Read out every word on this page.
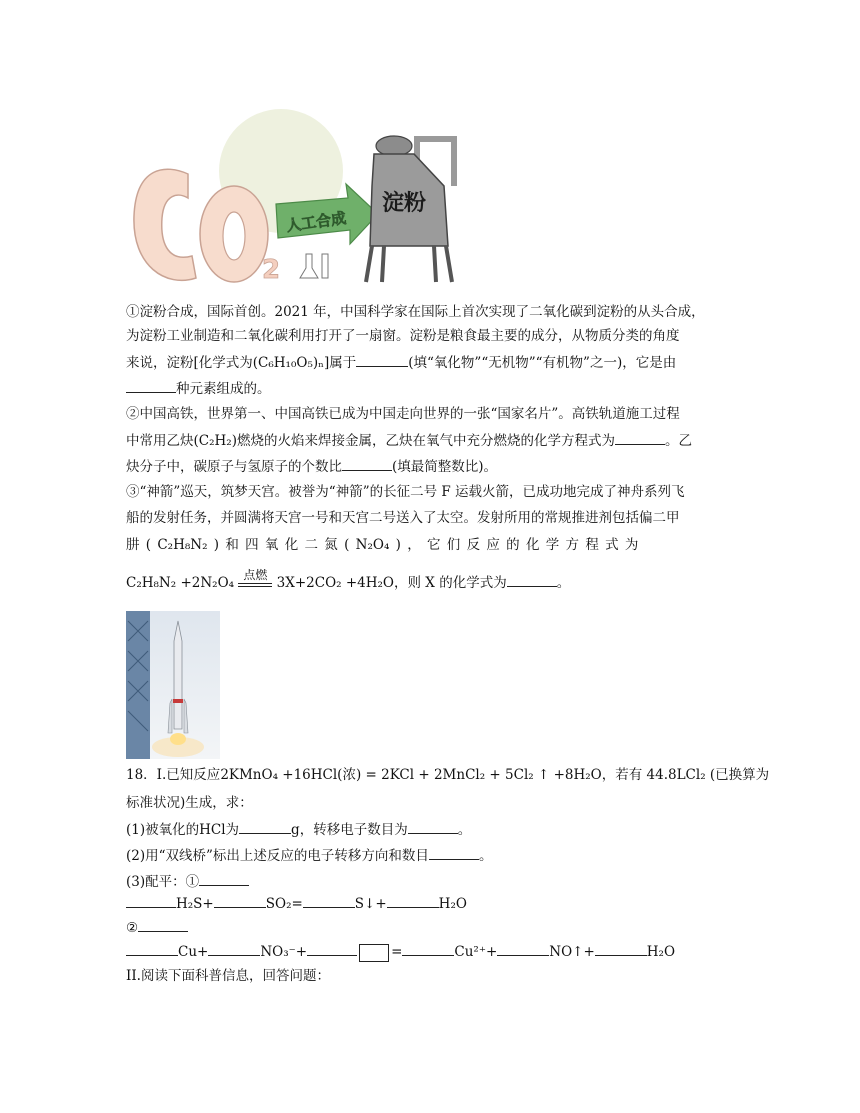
2
人工合成
淀粉
①淀粉合成，国际首创。2021 年，中国科学家在国际上首次实现了二氧化碳到淀粉的从头合成，
为淀粉工业制造和二氧化碳利用打开了一扇窗。淀粉是粮食最主要的成分，从物质分类的角度
来说，淀粉[化学式为(C₆H₁₀O₅)ₙ]属于	(填“氧化物”“无机物”“有机物”之一)，它是由
种元素组成的。
②中国高铁，世界第一、中国高铁已成为中国走向世界的一张“国家名片”。高铁轨道施工过程
中常用乙炔(C₂H₂)燃烧的火焰来焊接金属，乙炔在氧气中充分燃烧的化学方程式为	。乙
炔分子中，碳原子与氢原子的个数比	(填最简整数比)。
③“神箭”巡天，筑梦天宫。被誉为“神箭”的长征二号 F 运载火箭，已成功地完成了神舟系列飞
船的发射任务，并圆满将天宫一号和天宫二号送入了太空。发射所用的常规推进剂包括偏二甲
肼 ( C₂H₈N₂ ) 和 四 氧 化 二 氮 ( N₂O₄ ) ， 它 们 反 应 的 化 学 方 程 式 为
C₂H₈N₂ +2N₂O₄ 点燃 3X+2CO₂ +4H₂O，则 X 的化学式为	。
18．I.已知反应2KMnO₄ +16HCl(浓) = 2KCl + 2MnCl₂ + 5Cl₂ ↑ +8H₂O，若有 44.8LCl₂ (已换算为
标准状况)生成，求：
(1)被氧化的HCl为	g，转移电子数目为	。
(2)用“双线桥”标出上述反应的电子转移方向和数目	。
(3)配平：①
H₂S+	SO₂=	S↓+	H₂O
②
Cu+	NO₃⁻+	=	Cu²⁺+	NO↑+	H₂O
II.阅读下面科普信息，回答问题：
